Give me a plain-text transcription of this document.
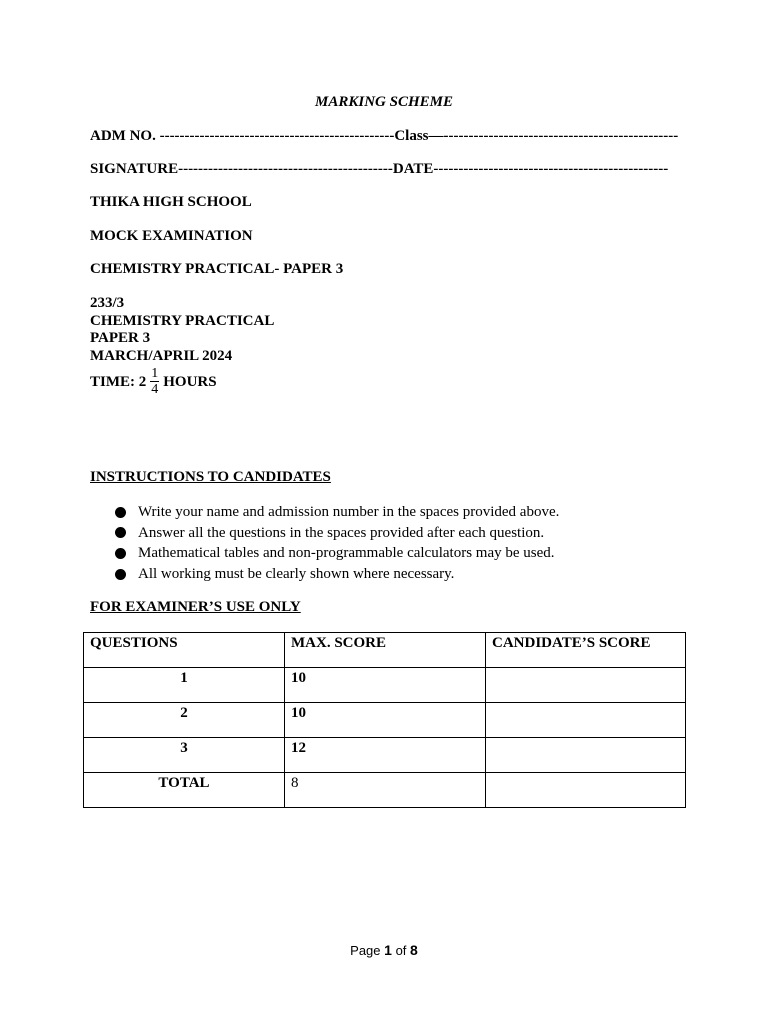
MARKING SCHEME
ADM NO. -----------------------------------------------Class—-----------------------------------------------
SIGNATURE-------------------------------------------DATE-----------------------------------------------
THIKA HIGH SCHOOL
MOCK EXAMINATION
CHEMISTRY PRACTICAL- PAPER 3
233/3
CHEMISTRY PRACTICAL
PAPER 3
MARCH/APRIL 2024
TIME: $2 \frac{1}{4}$ HOURS
INSTRUCTIONS TO CANDIDATES
Write your name and admission number in the spaces provided above.
Answer all the questions in the spaces provided after each question.
Mathematical tables and non-programmable calculators may be used.
All working must be clearly shown where necessary.
FOR EXAMINER’S USE ONLY
QUESTIONS	MAX. SCORE	CANDIDATE’S SCORE
1	10	
2	10	
3	12	
TOTAL	8	
Page 1 of 8
